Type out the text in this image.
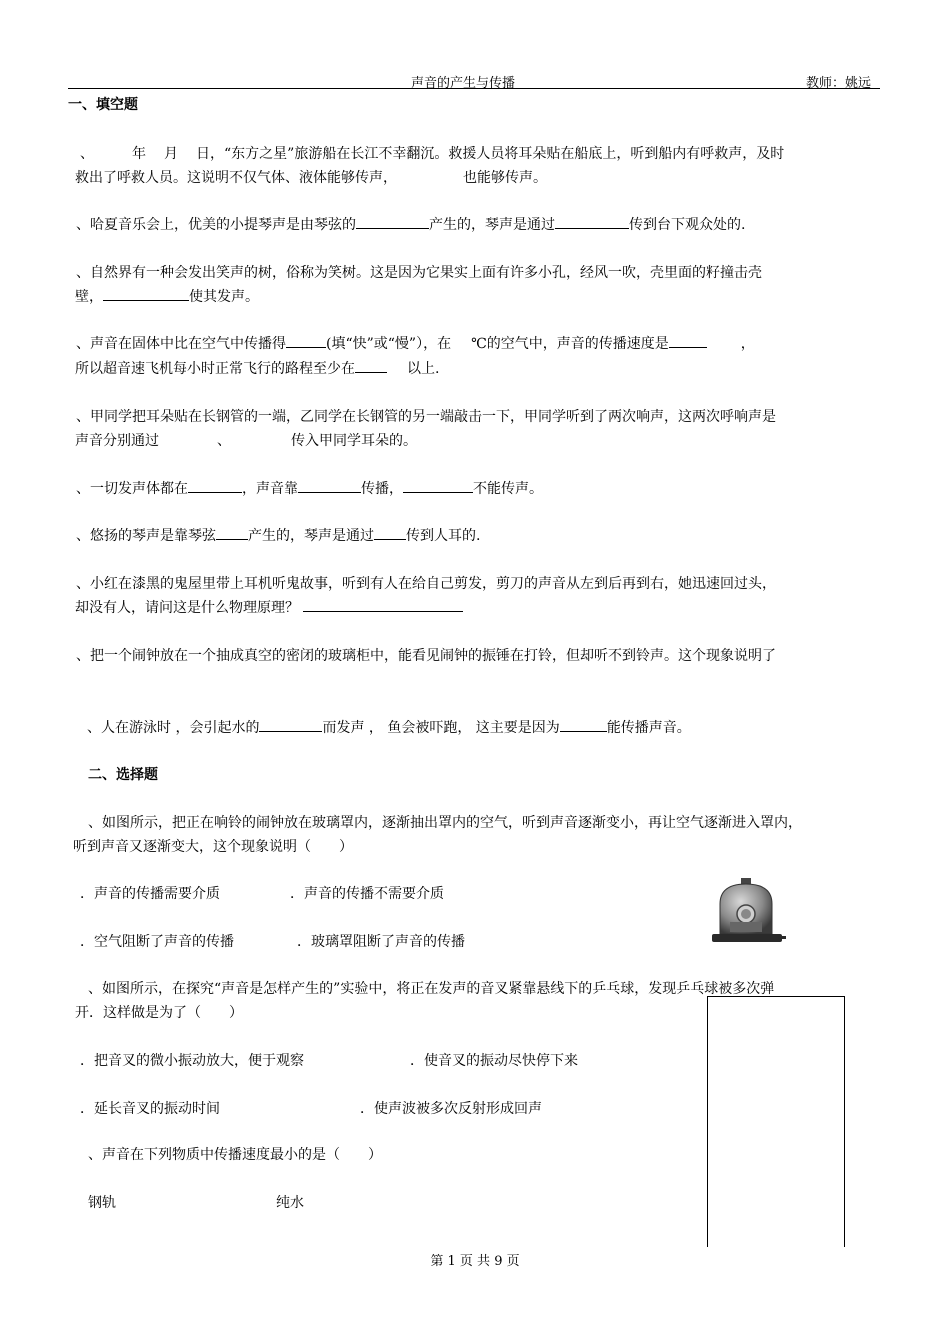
声音的产生与传播	教师：姚远
一、填空题
、	年 月 日，“东方之星”旅游船在长江不幸翻沉。救援人员将耳朵贴在船底上，听到船内有呼救声，及时
救出了呼救人员。这说明不仅气体、液体能够传声，	也能够传声。
、哈夏音乐会上，优美的小提琴声是由琴弦的	产生的，琴声是通过	传到台下观众处的.
、自然界有一种会发出笑声的树，俗称为笑树。这是因为它果实上面有许多小孔，经风一吹，壳里面的籽撞击壳
壁，	使其发声。
、声音在固体中比在空气中传播得	(填“快”或“慢”），在 ℃的空气中，声音的传播速度是	，
所以超音速飞机每小时正常飞行的路程至少在	以上.
、甲同学把耳朵贴在长钢管的一端，乙同学在长钢管的另一端敲击一下，甲同学听到了两次响声，这两次呼响声是
声音分别通过	、	传入甲同学耳朵的。
、一切发声体都在	，声音靠	传播，	不能传声。
、悠扬的琴声是靠琴弦 产生的，琴声是通过 传到人耳的.
、小红在漆黑的鬼屋里带上耳机听鬼故事，听到有人在给自己剪发，剪刀的声音从左到后再到右，她迅速回过头，
却没有人，请问这是什么物理原理？
、把一个闹钟放在一个抽成真空的密闭的玻璃柜中，能看见闹钟的振锤在打铃，但却听不到铃声。这个现象说明了
、人在游泳时 ，会引起水的	而发声 ， 鱼会被吓跑， 这主要是因为	能传播声音。
二、选择题
、如图所示，把正在响铃的闹钟放在玻璃罩内，逐渐抽出罩内的空气，听到声音逐渐变小，再让空气逐渐进入罩内，
听到声音又逐渐变大，这个现象说明（　　）
．声音的传播需要介质	．声音的传播不需要介质
．空气阻断了声音的传播	．玻璃罩阻断了声音的传播
、如图所示，在探究“声音是怎样产生的”实验中，将正在发声的音叉紧靠悬线下的乒乓球，发现乒乓球被多次弹
开．这样做是为了（　　）
．把音叉的微小振动放大，便于观察	．使音叉的振动尽快停下来
．延长音叉的振动时间	．使声波被多次反射形成回声
、声音在下列物质中传播速度最小的是（　　）
钢轨	纯水
第 1 页 共 9 页
